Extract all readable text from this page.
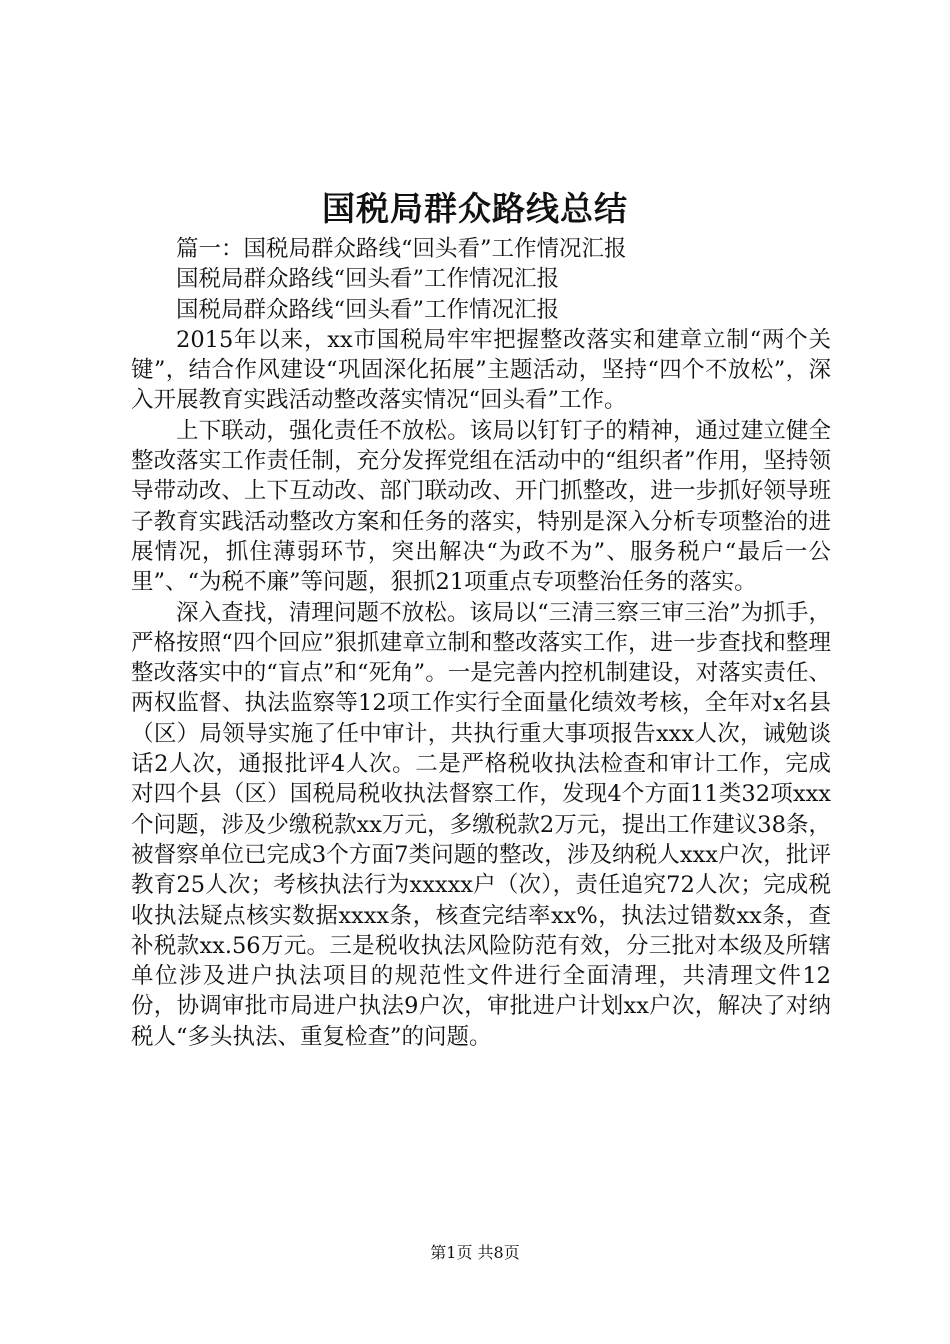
国税局群众路线总结

篇一：国税局群众路线“回头看”工作情况汇报

国税局群众路线“回头看”工作情况汇报

国税局群众路线“回头看”工作情况汇报

2015年以来，xx市国税局牢牢把握整改落实和建章立制“两个关键”，结合作风建设“巩固深化拓展”主题活动，坚持“四个不放松”，深入开展教育实践活动整改落实情况“回头看”工作。

上下联动，强化责任不放松。该局以钉钉子的精神，通过建立健全整改落实工作责任制，充分发挥党组在活动中的“组织者”作用，坚持领导带动改、上下互动改、部门联动改、开门抓整改，进一步抓好领导班子教育实践活动整改方案和任务的落实，特别是深入分析专项整治的进展情况，抓住薄弱环节，突出解决“为政不为”、服务税户“最后一公里”、“为税不廉”等问题，狠抓21项重点专项整治任务的落实。

深入查找，清理问题不放松。该局以“三清三察三审三治”为抓手，严格按照“四个回应”狠抓建章立制和整改落实工作，进一步查找和整理整改落实中的“盲点”和“死角”。一是完善内控机制建设，对落实责任、两权监督、执法监察等12项工作实行全面量化绩效考核，全年对x名县（区）局领导实施了任中审计，共执行重大事项报告xxx人次，诫勉谈话2人次，通报批评4人次。二是严格税收执法检查和审计工作，完成对四个县（区）国税局税收执法督察工作，发现4个方面11类32项xxx个问题，涉及少缴税款xx万元，多缴税款2万元，提出工作建议38条，被督察单位已完成3个方面7类问题的整改，涉及纳税人xxx户次，批评教育25人次；考核执法行为xxxxx户（次），责任追究72人次；完成税收执法疑点核实数据xxxx条，核查完结率xx%，执法过错数xx条，查补税款xx.56万元。三是税收执法风险防范有效，分三批对本级及所辖单位涉及进户执法项目的规范性文件进行全面清理，共清理文件12份，协调审批市局进户执法9户次，审批进户计划xx户次，解决了对纳税人“多头执法、重复检查”的问题。

第1页 共8页
